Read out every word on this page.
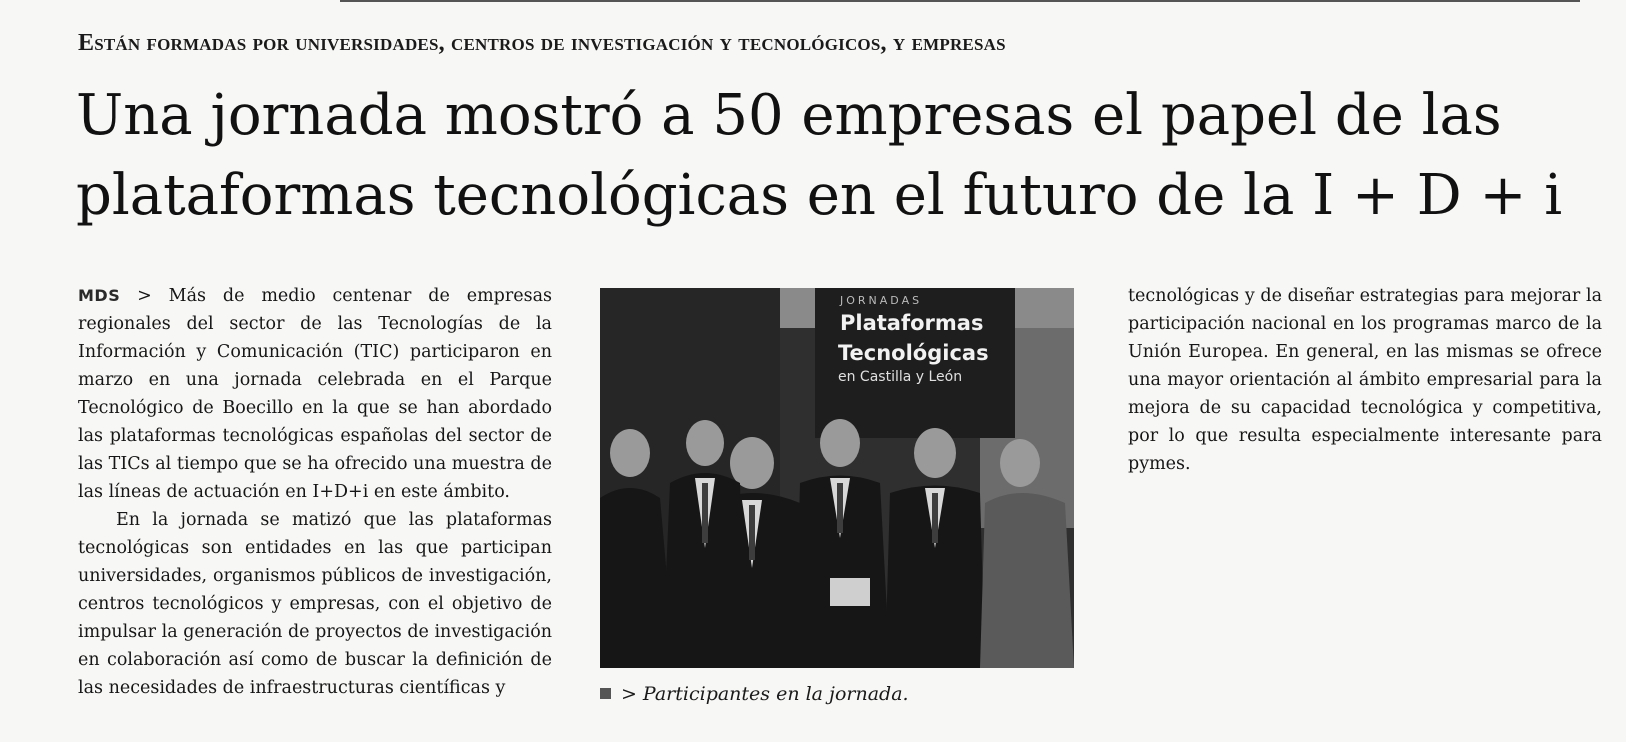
Están formadas por universidades, centros de investigación y tecnológicos, y empresas
Una jornada mostró a 50 empresas el papel de las
plataformas tecnológicas en el futuro de la I + D + i

MDS > Más de medio centenar de empresas regionales del sector de las Tecnologías de la Información y Comunicación (TIC) participaron en marzo en una jornada celebrada en el Parque Tecnológico de Boecillo en la que se han abordado las plataformas tecnológicas españolas del sector de las TICs al tiempo que se ha ofrecido una muestra de las líneas de actuación en I+D+i en este ámbito.

En la jornada se matizó que las plataformas tecnológicas son entidades en las que participan universidades, organismos públicos de investigación, centros tecnológicos y empresas, con el objetivo de impulsar la generación de proyectos de investigación en colaboración así como de buscar la definición de las necesidades de infraestructuras científicas y

JORNADAS
Plataformas
Tecnológicas
en Castilla y León
> Participantes en la jornada.

tecnológicas y de diseñar estrategias para mejorar la participación nacional en los programas marco de la Unión Europea. En general, en las mismas se ofrece una mayor orientación al ámbito empresarial para la mejora de su capacidad tecnológica y competitiva, por lo que resulta especialmente interesante para pymes.
